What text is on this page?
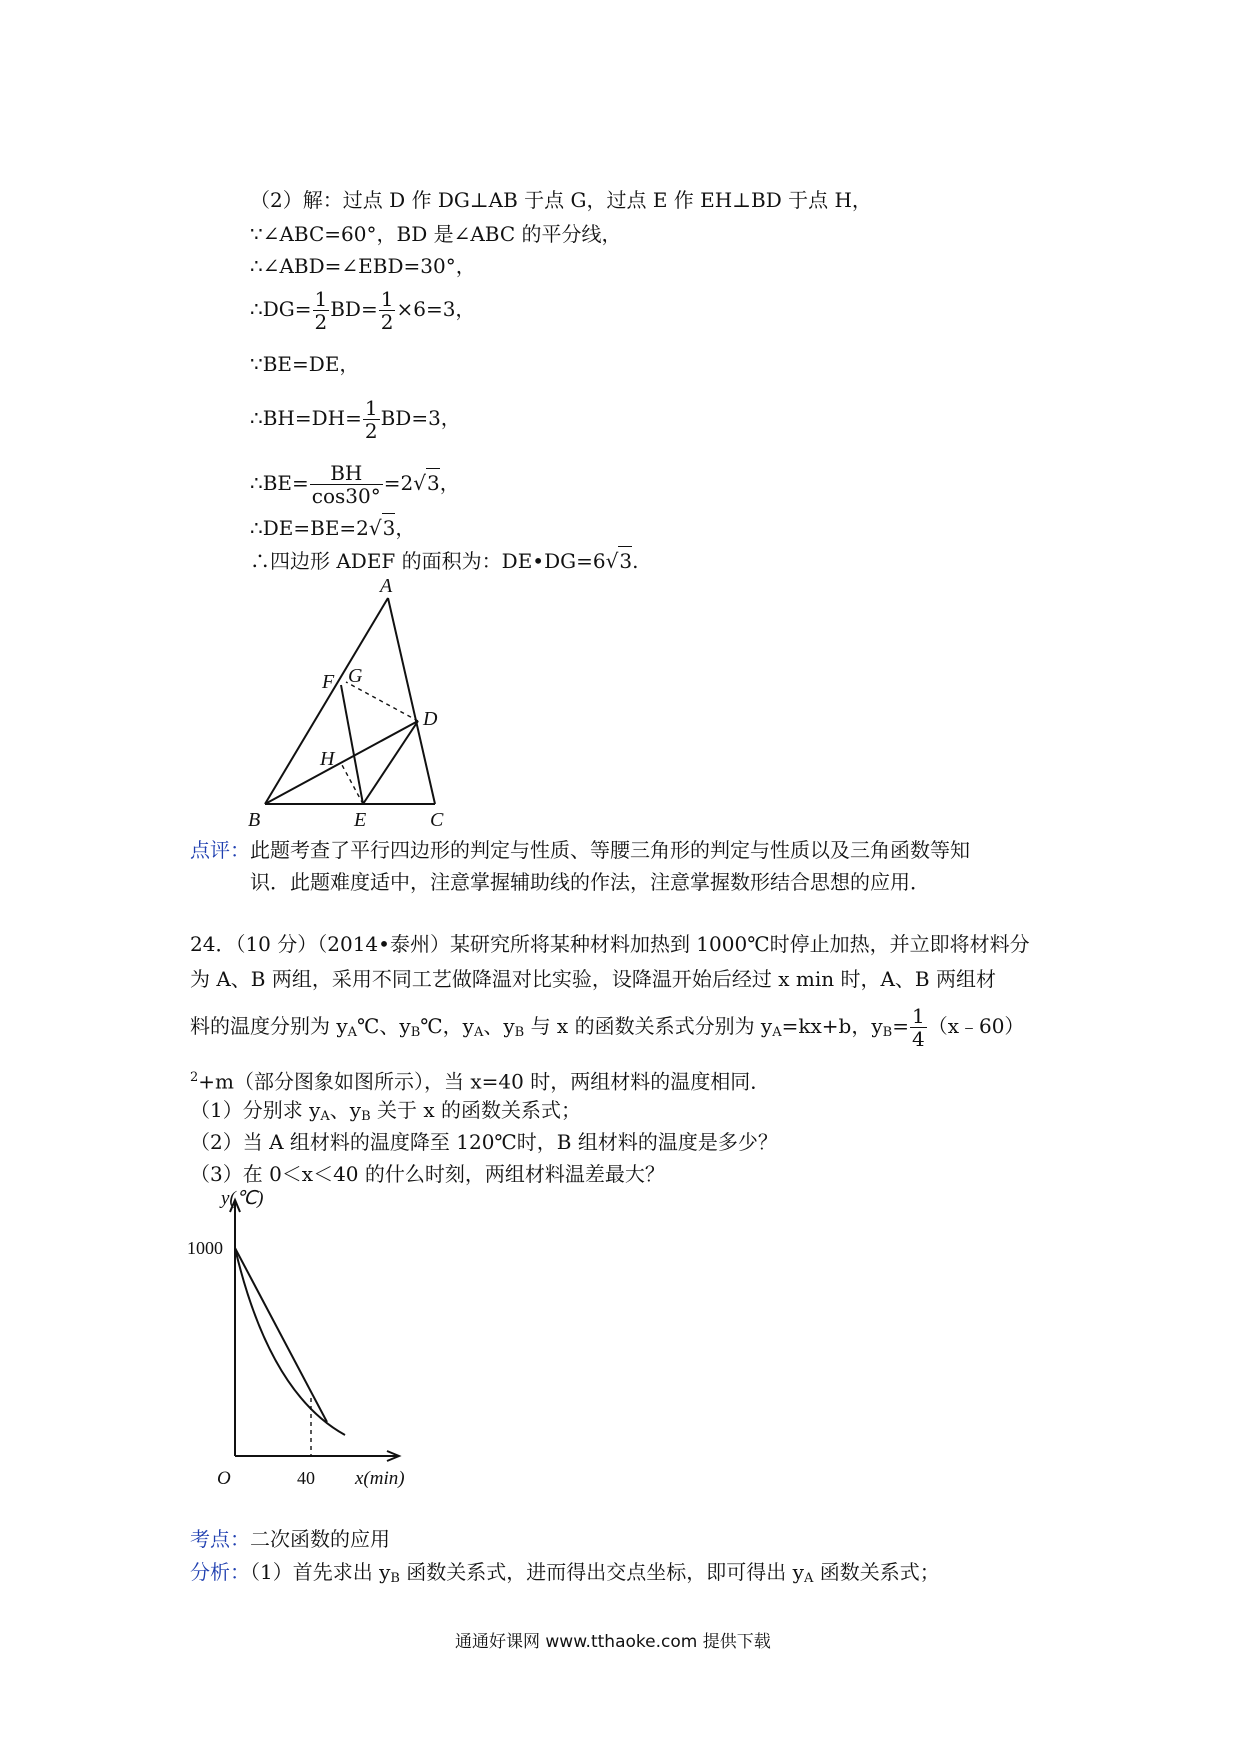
（2）解：过点 D 作 DG⊥AB 于点 G，过点 E 作 EH⊥BD 于点 H，
∵∠ABC=60°，BD 是∠ABC 的平分线，
∴∠ABD=∠EBD=30°，
∴DG= $\frac{1}{2} BD= \frac{1}{2} \times 6=3$，
∵BE=DE，
∴BH=DH= $\frac{1}{2} BD=3$，
∴BE= $\frac{BH}{\cos 30^\circ} =2√3$，
∴DE=BE=2√3，
∴四边形 ADEF 的面积为：DE•DG=6√3.
A
B	C
D
E
F G
H
点评：此题考查了平行四边形的判定与性质、等腰三角形的判定与性质以及三角函数等知
识．此题难度适中，注意掌握辅助线的作法，注意掌握数形结合思想的应用．
24．（10 分）（2014•泰州）某研究所将某种材料加热到 1000℃时停止加热，并立即将材料分
为 A、B 两组，采用不同工艺做降温对比实验，设降温开始后经过 x min 时，A、B 两组材
料的温度分别为 $y_A℃$、$y_B℃$，$y_A$、$y_B$ 与 x 的函数关系式分别为 $y_A=kx+b$，$y_B= \frac{1}{4}$ （x﹣60）
$^2$+m（部分图象如图所示），当 x=40 时，两组材料的温度相同．
（1）分别求 $y_A$、$y_B$ 关于 x 的函数关系式；
（2）当 A 组材料的温度降至 120℃时，B 组材料的温度是多少？
（3）在 0＜x＜40 的什么时刻，两组材料温差最大？
y(℃)
1000
O	40 x(min)
考点：二次函数的应用
分析：（1）首先求出 $y_B$ 函数关系式，进而得出交点坐标，即可得出 $y_A$ 函数关系式；
通通好课网 www.tthaoke.com 提供下载
